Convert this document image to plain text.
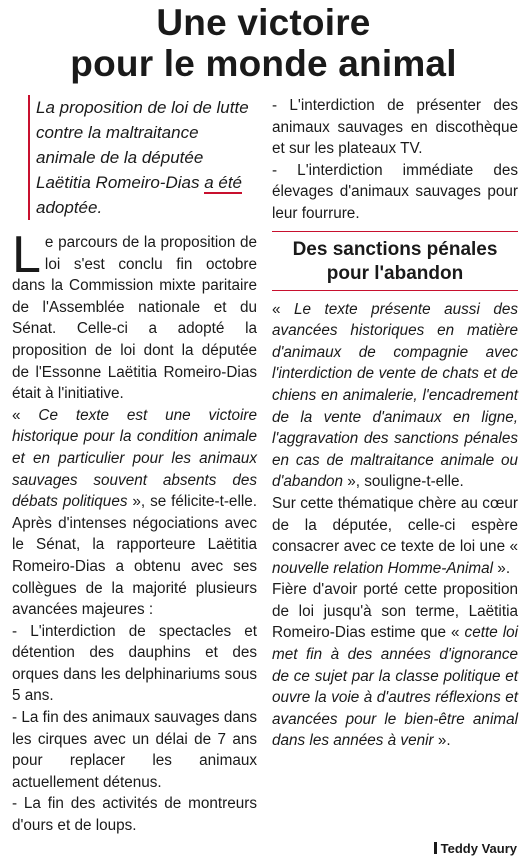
Une victoire
pour le monde animal
La proposition de loi de lutte contre la maltraitance animale de la députée Laëtitia Romeiro-Dias a été adoptée.

Le parcours de la proposition de loi s'est conclu fin octobre dans la Commission mixte paritaire de l'Assemblée nationale et du Sénat. Celle-ci a adopté la proposition de loi dont la députée de l'Essonne Laëtitia Romeiro-Dias était à l'initiative.

« Ce texte est une victoire historique pour la condition animale et en particulier pour les animaux sauvages souvent absents des débats politiques », se félicite-t-elle. Après d'intenses négociations avec le Sénat, la rapporteure Laëtitia Romeiro-Dias a obtenu avec ses collègues de la majorité plusieurs avancées majeures :

- L'interdiction de spectacles et détention des dauphins et des orques dans les delphinariums sous 5 ans.

- La fin des animaux sauvages dans les cirques avec un délai de 7 ans pour replacer les animaux actuellement détenus.

- La fin des activités de montreurs d'ours et de loups.

- L'interdiction de présenter des animaux sauvages en discothèque et sur les plateaux TV.

- L'interdiction immédiate des élevages d'animaux sauvages pour leur fourrure.

Des sanctions pénales
pour l'abandon

« Le texte présente aussi des avancées historiques en matière d'animaux de compagnie avec l'interdiction de vente de chats et de chiens en animalerie, l'encadrement de la vente d'animaux en ligne, l'aggravation des sanctions pénales en cas de maltraitance animale ou d'abandon », souligne-t-elle.

Sur cette thématique chère au cœur de la députée, celle-ci espère consacrer avec ce texte de loi une « nouvelle relation Homme-Animal ».

Fière d'avoir porté cette proposition de loi jusqu'à son terme, Laëtitia Romeiro-Dias estime que « cette loi met fin à des années d'ignorance de ce sujet par la classe politique et ouvre la voie à d'autres réflexions et avancées pour le bien-être animal dans les années à venir ».

Teddy Vaury
